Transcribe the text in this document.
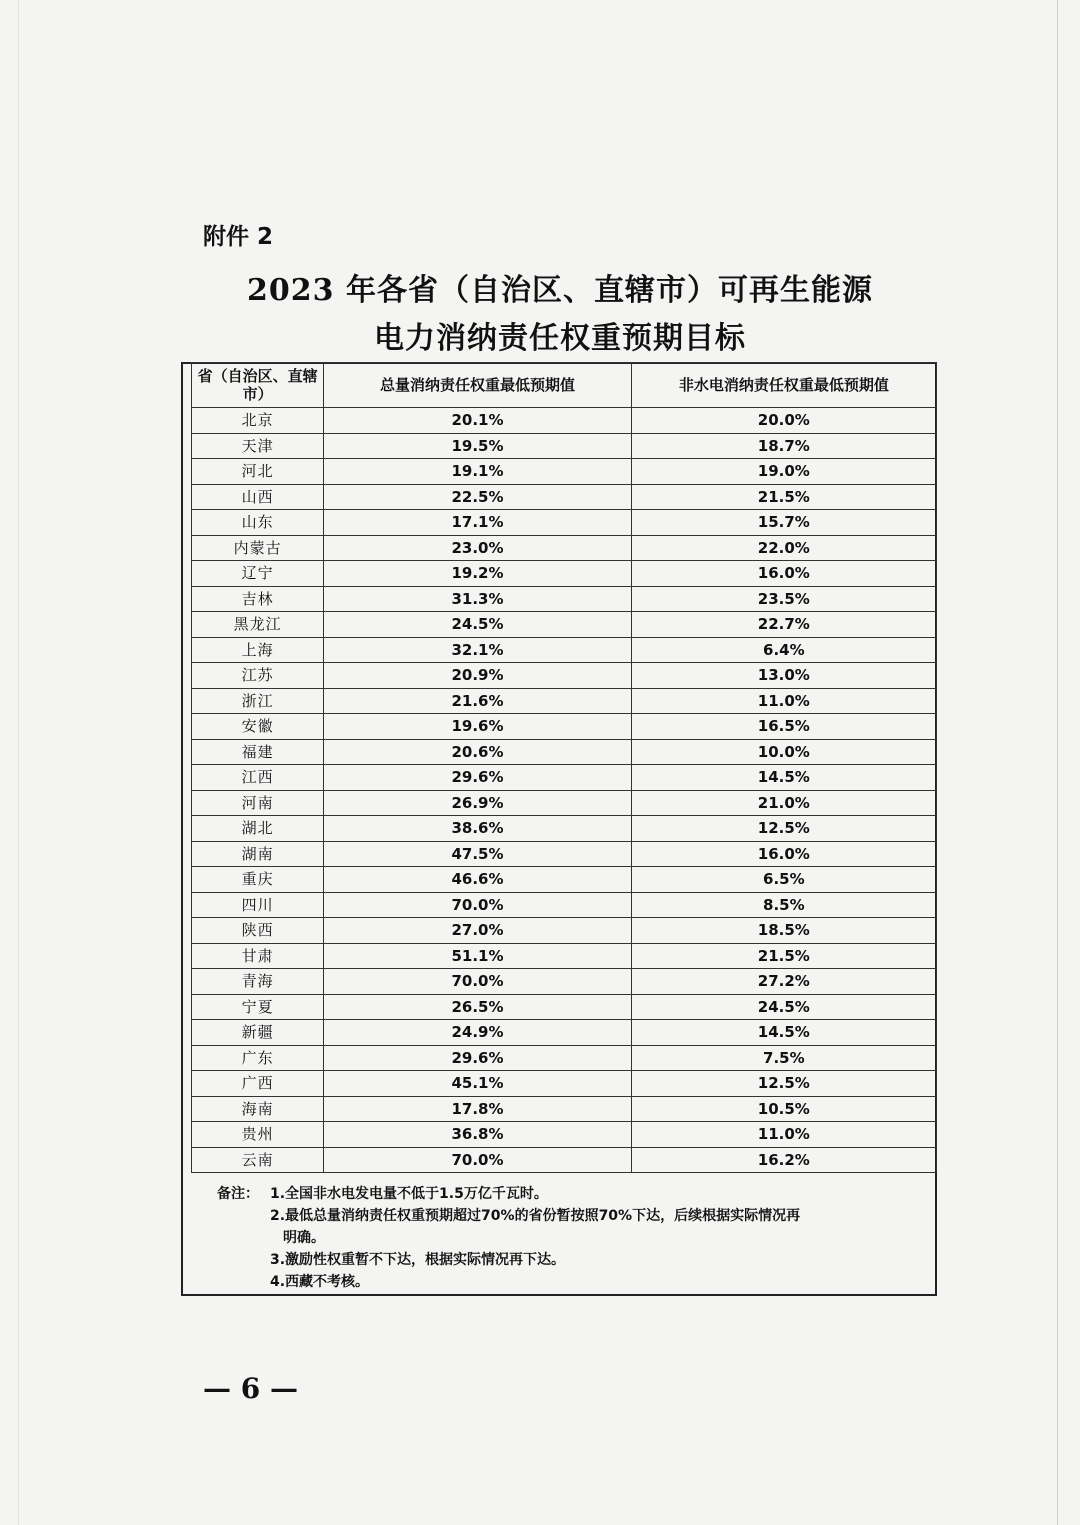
附件 2
2023 年各省（自治区、直辖市）可再生能源
电力消纳责任权重预期目标
省（自治区、直辖市）	总量消纳责任权重最低预期值	非水电消纳责任权重最低预期值
北京	20.1%	20.0%
天津	19.5%	18.7%
河北	19.1%	19.0%
山西	22.5%	21.5%
山东	17.1%	15.7%
内蒙古	23.0%	22.0%
辽宁	19.2%	16.0%
吉林	31.3%	23.5%
黑龙江	24.5%	22.7%
上海	32.1%	6.4%
江苏	20.9%	13.0%
浙江	21.6%	11.0%
安徽	19.6%	16.5%
福建	20.6%	10.0%
江西	29.6%	14.5%
河南	26.9%	21.0%
湖北	38.6%	12.5%
湖南	47.5%	16.0%
重庆	46.6%	6.5%
四川	70.0%	8.5%
陕西	27.0%	18.5%
甘肃	51.1%	21.5%
青海	70.0%	27.2%
宁夏	26.5%	24.5%
新疆	24.9%	14.5%
广东	29.6%	7.5%
广西	45.1%	12.5%
海南	17.8%	10.5%
贵州	36.8%	11.0%
云南	70.0%	16.2%
备注： 1.全国非水电发电量不低于1.5万亿千瓦时。
2.最低总量消纳责任权重预期超过70%的省份暂按照70%下达，后续根据实际情况再
明确。
3.激励性权重暂不下达，根据实际情况再下达。
4.西藏不考核。
— 6 —
